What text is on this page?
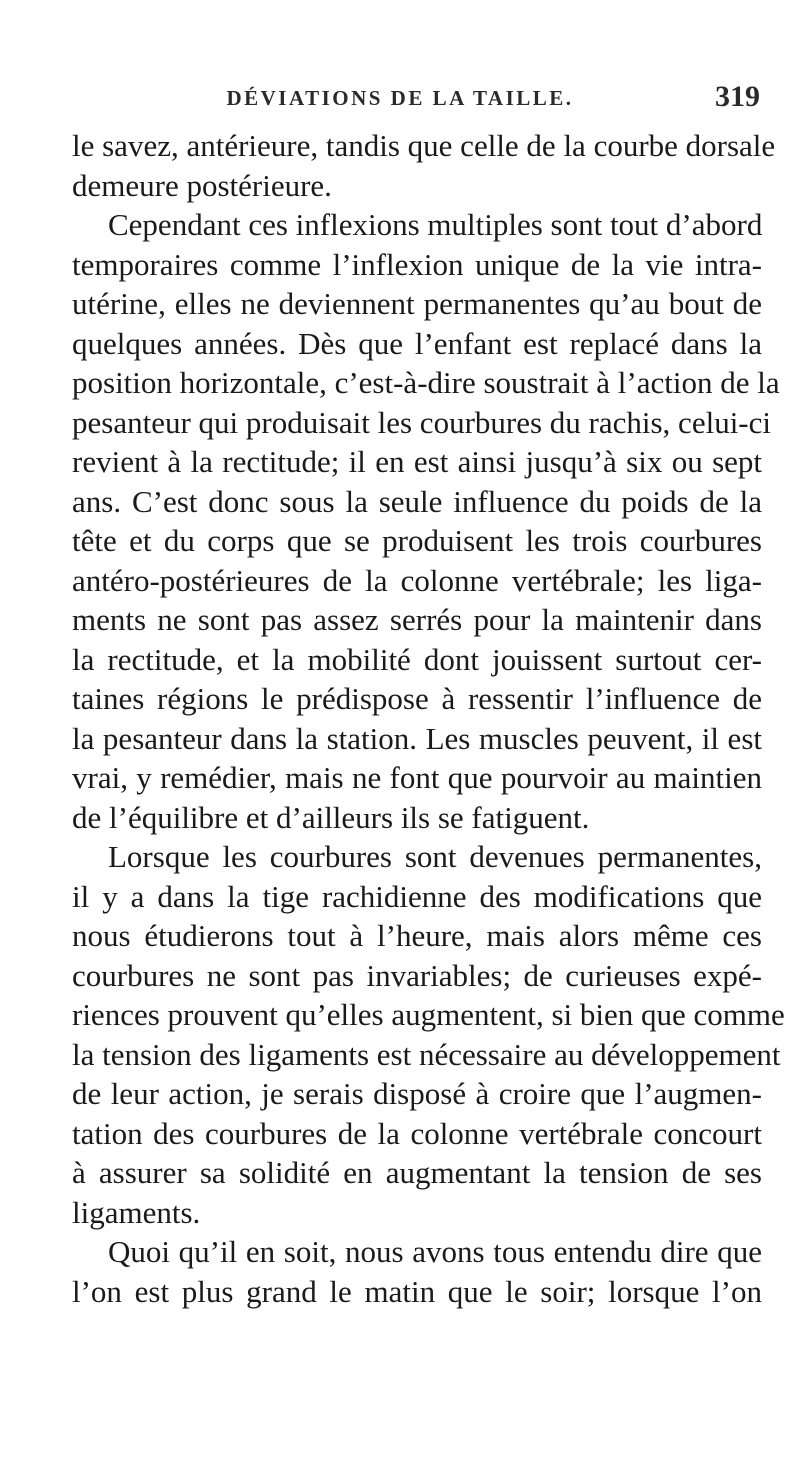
DÉVIATIONS DE LA TAILLE.	319
le savez, antérieure, tandis que celle de la courbe dorsale
demeure postérieure.
Cependant ces inflexions multiples sont tout d’abord
temporaires comme l’inflexion unique de la vie intra-
utérine, elles ne deviennent permanentes qu’au bout de
quelques années. Dès que l’enfant est replacé dans la
position horizontale, c’est-à-dire soustrait à l’action de la
pesanteur qui produisait les courbures du rachis, celui-ci
revient à la rectitude; il en est ainsi jusqu’à six ou sept
ans. C’est donc sous la seule influence du poids de la
tête et du corps que se produisent les trois courbures
antéro-postérieures de la colonne vertébrale; les liga-
ments ne sont pas assez serrés pour la maintenir dans
la rectitude, et la mobilité dont jouissent surtout cer-
taines régions le prédispose à ressentir l’influence de
la pesanteur dans la station. Les muscles peuvent, il est
vrai, y remédier, mais ne font que pourvoir au maintien
de l’équilibre et d’ailleurs ils se fatiguent.
Lorsque les courbures sont devenues permanentes,
il y a dans la tige rachidienne des modifications que
nous étudierons tout à l’heure, mais alors même ces
courbures ne sont pas invariables; de curieuses expé-
riences prouvent qu’elles augmentent, si bien que comme
la tension des ligaments est nécessaire au développement
de leur action, je serais disposé à croire que l’augmen-
tation des courbures de la colonne vertébrale concourt
à assurer sa solidité en augmentant la tension de ses
ligaments.
Quoi qu’il en soit, nous avons tous entendu dire que
l’on est plus grand le matin que le soir; lorsque l’on
